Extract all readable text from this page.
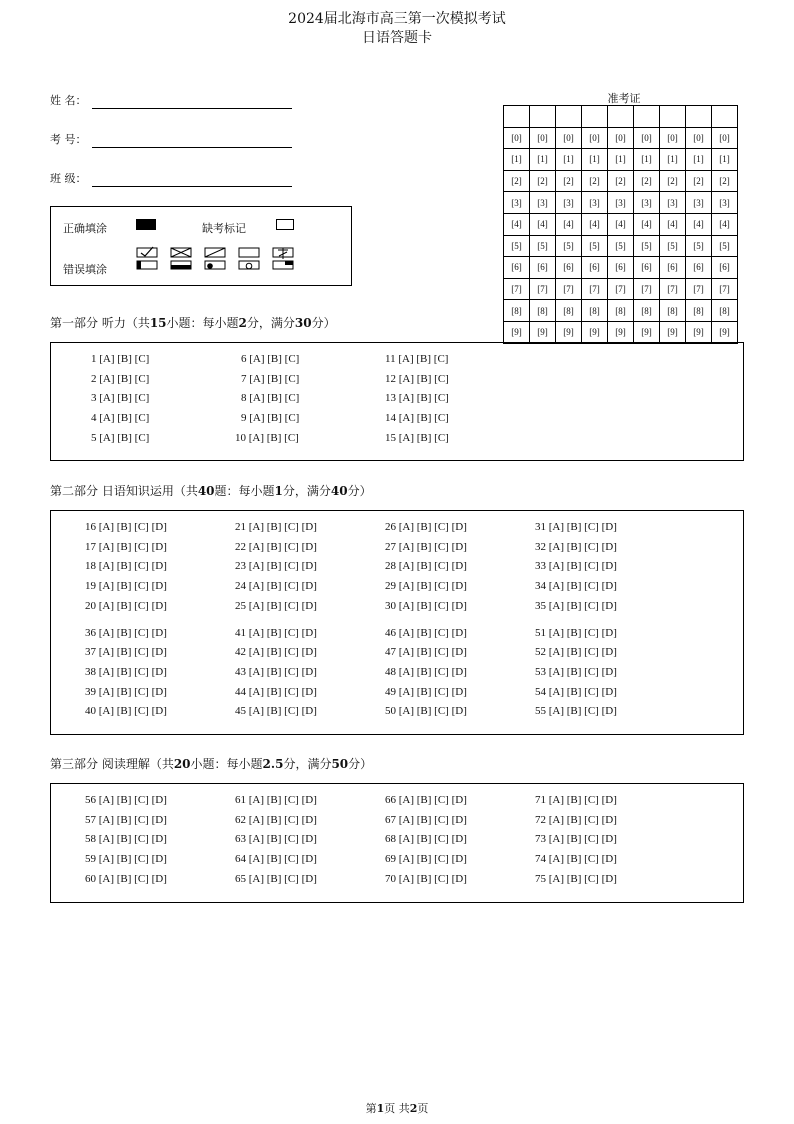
2024届北海市高三第一次模拟考试
日语答题卡
姓 名：
考 号：
班 级：
正确填涂	缺考标记
错误填涂
准考证

[0]	[0]	[0]	[0]	[0]	[0]	[0]	[0]	[0]
[1]	[1]	[1]	[1]	[1]	[1]	[1]	[1]	[1]
[2]	[2]	[2]	[2]	[2]	[2]	[2]	[2]	[2]
[3]	[3]	[3]	[3]	[3]	[3]	[3]	[3]	[3]
[4]	[4]	[4]	[4]	[4]	[4]	[4]	[4]	[4]
[5]	[5]	[5]	[5]	[5]	[5]	[5]	[5]	[5]
[6]	[6]	[6]	[6]	[6]	[6]	[6]	[6]	[6]
[7]	[7]	[7]	[7]	[7]	[7]	[7]	[7]	[7]
[8]	[8]	[8]	[8]	[8]	[8]	[8]	[8]	[8]
[9]	[9]	[9]	[9]	[9]	[9]	[9]	[9]	[9]
第一部分 听力（共15小题：每小题2分，满分30分）
1 [A] [B] [C]
2 [A] [B] [C]
3 [A] [B] [C]
4 [A] [B] [C]
5 [A] [B] [C]
6 [A] [B] [C]
7 [A] [B] [C]
8 [A] [B] [C]
9 [A] [B] [C]
10 [A] [B] [C]
11 [A] [B] [C]
12 [A] [B] [C]
13 [A] [B] [C]
14 [A] [B] [C]
15 [A] [B] [C]
第二部分 日语知识运用（共40题：每小题1分，满分40分）
16 [A] [B] [C] [D]
17 [A] [B] [C] [D]
18 [A] [B] [C] [D]
19 [A] [B] [C] [D]
20 [A] [B] [C] [D]
21 [A] [B] [C] [D]
22 [A] [B] [C] [D]
23 [A] [B] [C] [D]
24 [A] [B] [C] [D]
25 [A] [B] [C] [D]
26 [A] [B] [C] [D]
27 [A] [B] [C] [D]
28 [A] [B] [C] [D]
29 [A] [B] [C] [D]
30 [A] [B] [C] [D]
31 [A] [B] [C] [D]
32 [A] [B] [C] [D]
33 [A] [B] [C] [D]
34 [A] [B] [C] [D]
35 [A] [B] [C] [D]
36 [A] [B] [C] [D]
37 [A] [B] [C] [D]
38 [A] [B] [C] [D]
39 [A] [B] [C] [D]
40 [A] [B] [C] [D]
41 [A] [B] [C] [D]
42 [A] [B] [C] [D]
43 [A] [B] [C] [D]
44 [A] [B] [C] [D]
45 [A] [B] [C] [D]
46 [A] [B] [C] [D]
47 [A] [B] [C] [D]
48 [A] [B] [C] [D]
49 [A] [B] [C] [D]
50 [A] [B] [C] [D]
51 [A] [B] [C] [D]
52 [A] [B] [C] [D]
53 [A] [B] [C] [D]
54 [A] [B] [C] [D]
55 [A] [B] [C] [D]
第三部分 阅读理解（共20小题：每小题2.5分，满分50分）
56 [A] [B] [C] [D]
57 [A] [B] [C] [D]
58 [A] [B] [C] [D]
59 [A] [B] [C] [D]
60 [A] [B] [C] [D]
61 [A] [B] [C] [D]
62 [A] [B] [C] [D]
63 [A] [B] [C] [D]
64 [A] [B] [C] [D]
65 [A] [B] [C] [D]
66 [A] [B] [C] [D]
67 [A] [B] [C] [D]
68 [A] [B] [C] [D]
69 [A] [B] [C] [D]
70 [A] [B] [C] [D]
71 [A] [B] [C] [D]
72 [A] [B] [C] [D]
73 [A] [B] [C] [D]
74 [A] [B] [C] [D]
75 [A] [B] [C] [D]
第1页 共2页
